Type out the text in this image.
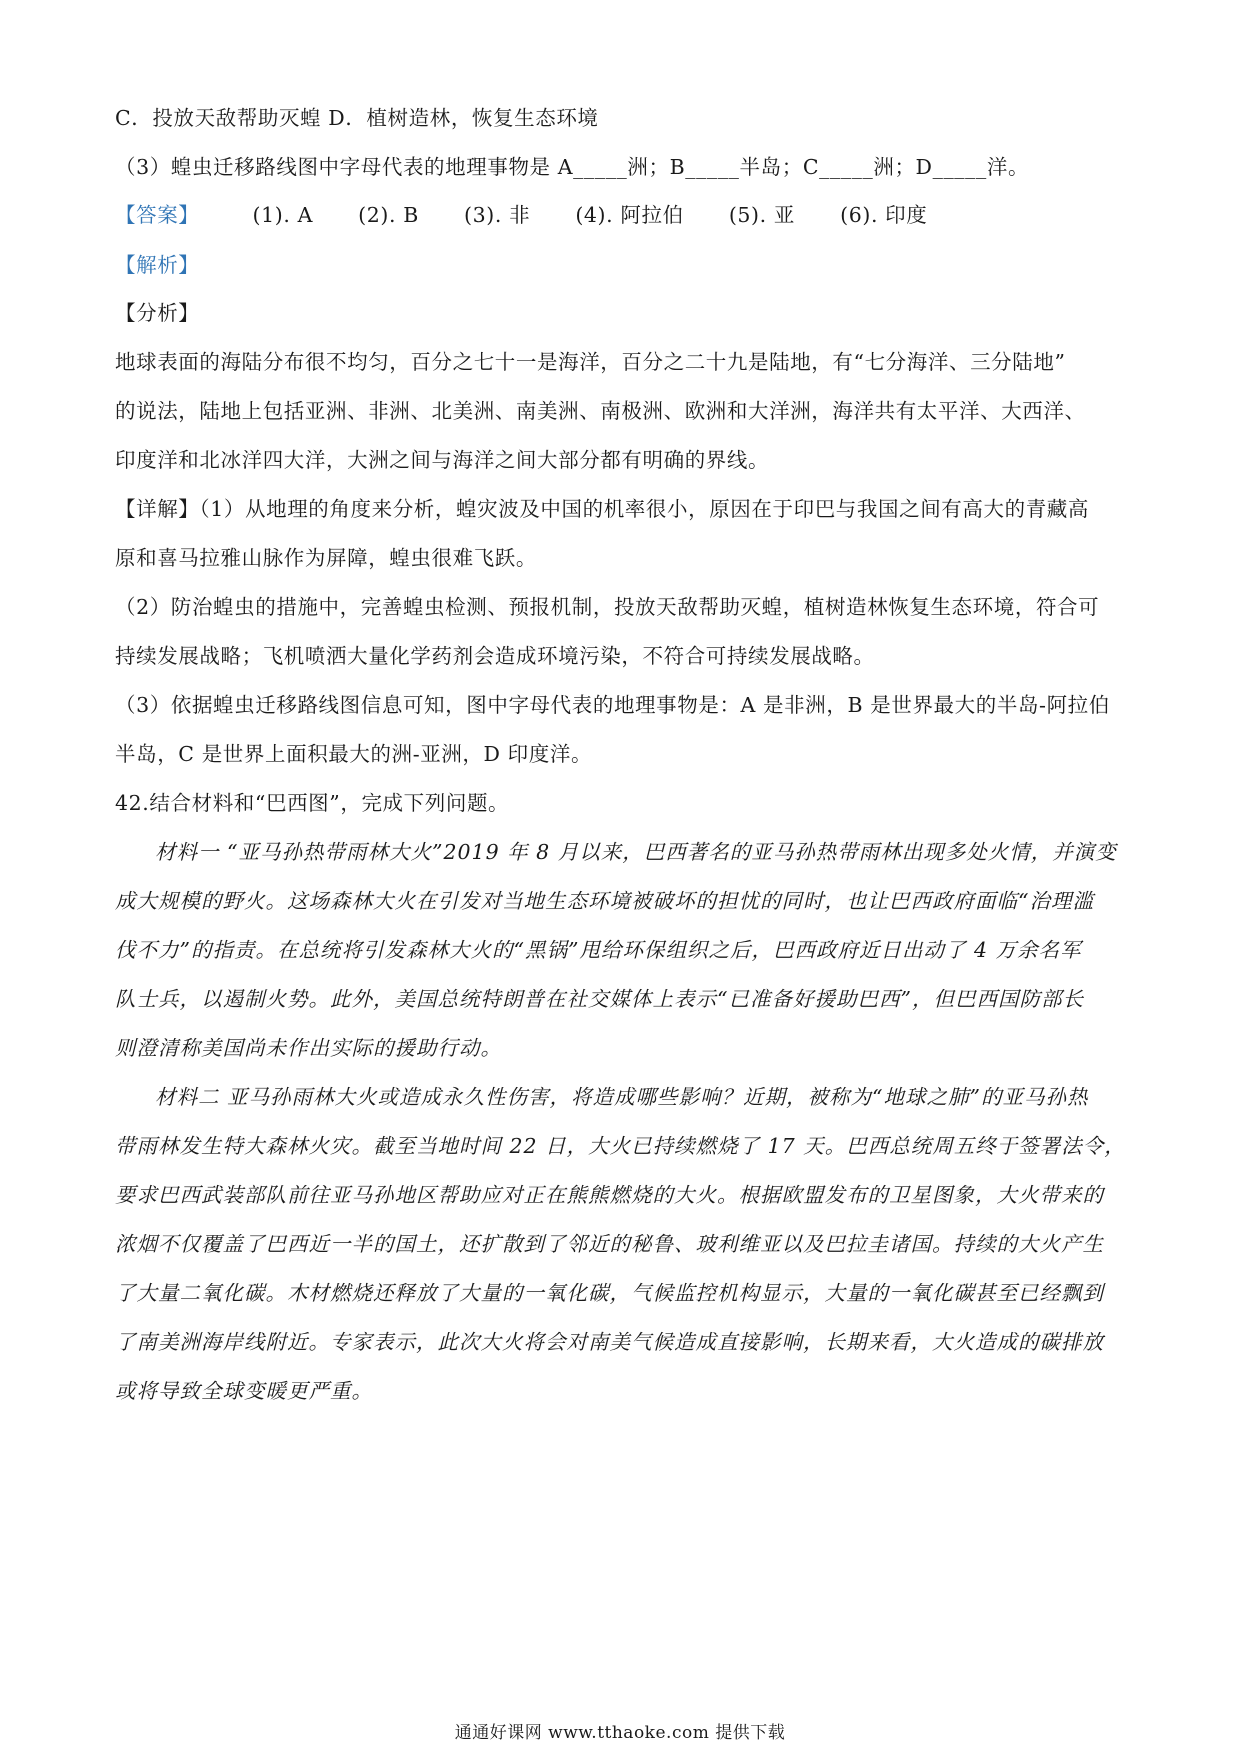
C．投放天敌帮助灭蝗 D．植树造林，恢复生态环境
（3）蝗虫迁移路线图中字母代表的地理事物是 A_____洲；B_____半岛；C_____洲；D_____洋。
【答案】	(1). A (2). B (3). 非 (4). 阿拉伯 (5). 亚 (6). 印度
【解析】
【分析】
地球表面的海陆分布很不均匀，百分之七十一是海洋，百分之二十九是陆地，有“七分海洋、三分陆地”
的说法，陆地上包括亚洲、非洲、北美洲、南美洲、南极洲、欧洲和大洋洲，海洋共有太平洋、大西洋、
印度洋和北冰洋四大洋，大洲之间与海洋之间大部分都有明确的界线。
【详解】（1）从地理的角度来分析，蝗灾波及中国的机率很小，原因在于印巴与我国之间有高大的青藏高
原和喜马拉雅山脉作为屏障，蝗虫很难飞跃。
（2）防治蝗虫的措施中，完善蝗虫检测、预报机制，投放天敌帮助灭蝗，植树造林恢复生态环境，符合可
持续发展战略；飞机喷洒大量化学药剂会造成环境污染，不符合可持续发展战略。
（3）依据蝗虫迁移路线图信息可知，图中字母代表的地理事物是：A 是非洲，B 是世界最大的半岛-阿拉伯
半岛，C 是世界上面积最大的洲-亚洲，D 印度洋。
42.结合材料和“巴西图”，完成下列问题。
材料一 “亚马孙热带雨林大火”2019 年 8 月以来，巴西著名的亚马孙热带雨林出现多处火情，并演变
成大规模的野火。这场森林大火在引发对当地生态环境被破坏的担忧的同时，也让巴西政府面临“治理滥
伐不力”的指责。在总统将引发森林大火的“黑锅”甩给环保组织之后，巴西政府近日出动了 4 万余名军
队士兵，以遏制火势。此外，美国总统特朗普在社交媒体上表示“已准备好援助巴西”，但巴西国防部长
则澄清称美国尚未作出实际的援助行动。
材料二 亚马孙雨林大火或造成永久性伤害，将造成哪些影响？近期，被称为“地球之肺”的亚马孙热
带雨林发生特大森林火灾。截至当地时间 22 日，大火已持续燃烧了 17 天。巴西总统周五终于签署法令，
要求巴西武装部队前往亚马孙地区帮助应对正在熊熊燃烧的大火。根据欧盟发布的卫星图象，大火带来的
浓烟不仅覆盖了巴西近一半的国土，还扩散到了邻近的秘鲁、玻利维亚以及巴拉圭诸国。持续的大火产生
了大量二氧化碳。木材燃烧还释放了大量的一氧化碳，气候监控机构显示，大量的一氧化碳甚至已经飘到
了南美洲海岸线附近。专家表示，此次大火将会对南美气候造成直接影响，长期来看，大火造成的碳排放
或将导致全球变暖更严重。
通通好课网 www.tthaoke.com 提供下载
